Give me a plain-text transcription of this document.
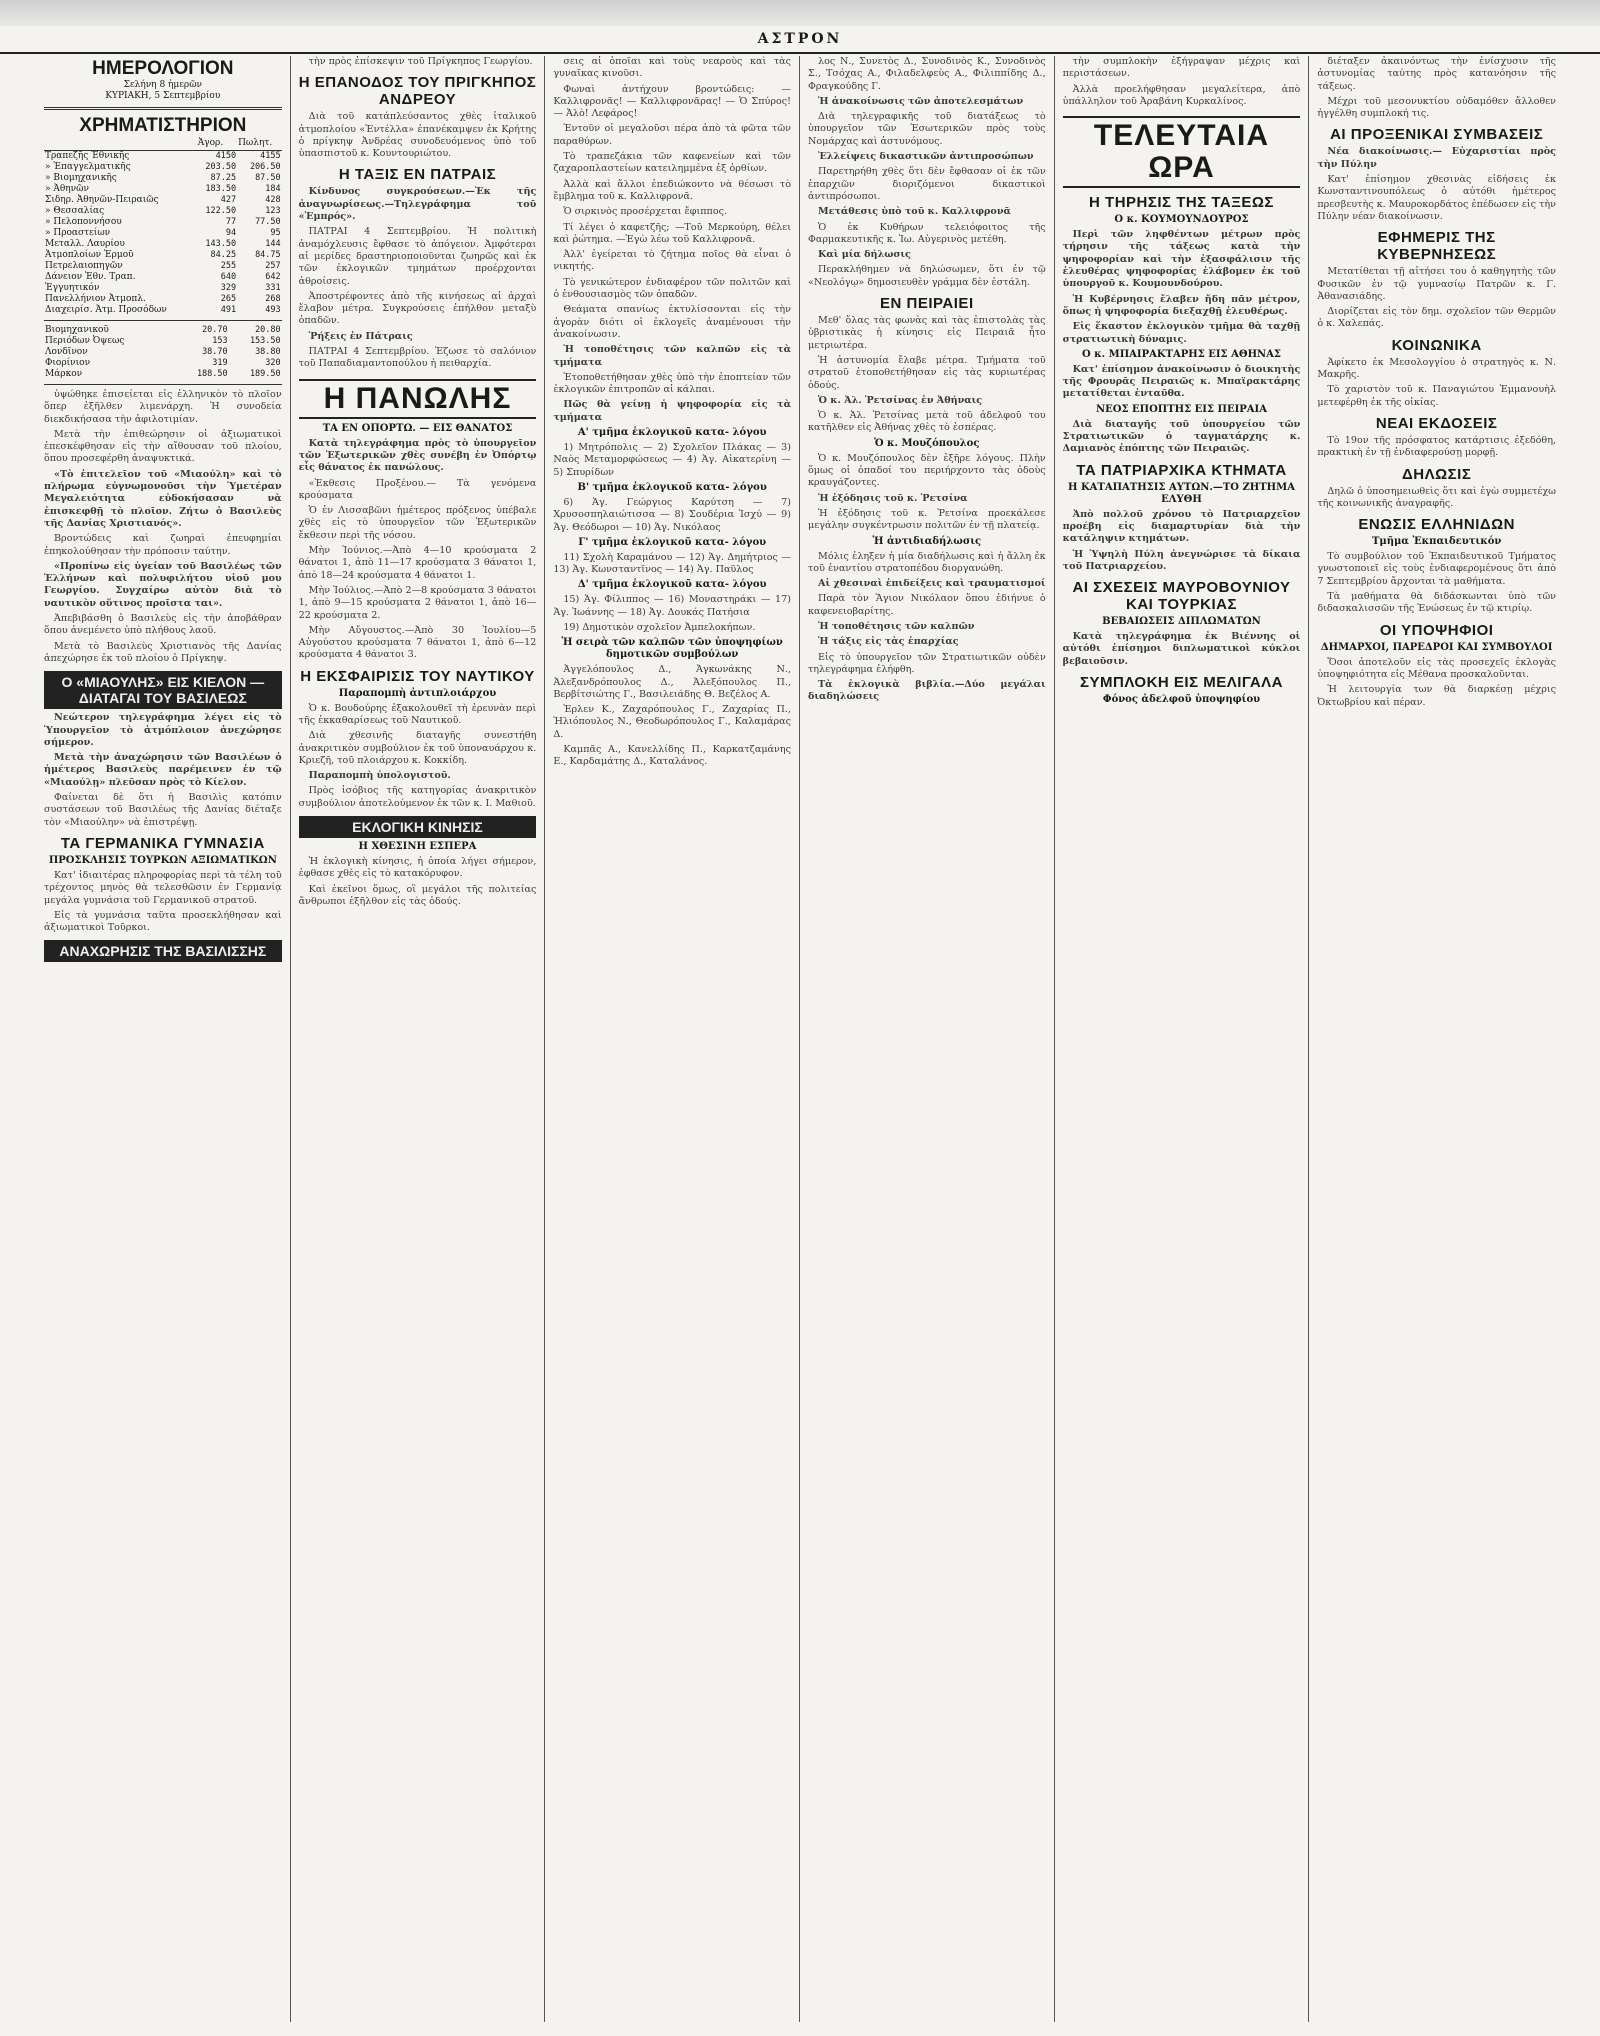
ΑΣΤΡΟΝ
ΗΜΕΡΟΛΟΓΙΟΝ
Σελήνη 8 ἡμερῶν
ΚΥΡΙΑΚΗ, 5 Σεπτεμβρίου
ΧΡΗΜΑΤΙΣΤΗΡΙΟΝ
	Ἀγορ.	Πωλητ.
Τραπεζῆς Ἐθνικῆς	4150	4155
» Ἐπαγγελματικῆς	203.50	206.50
» Βιομηχανικῆς	87.25	87.50
» Ἀθηνῶν	183.50	184
Σιδηρ. Ἀθηνῶν-Πειραιῶς	427	428
» Θεσσαλίας	122.50	123
» Πελοποννήσου	77	77.50
» Προαστείων	94	95
Μεταλλ. Λαυρίου	143.50	144
Ἀτμοπλοίων Ἑρμοῦ	84.25	84.75
Πετρελαιοπηγῶν	255	257
Δάνειον Ἐθν. Τραπ.	640	642
Ἐγγυητικόν	329	331
Πανελλήνιον Ἀτμοπλ.	265	268
Διαχειρίσ. Ἀτμ. Προσόδων	491	493
Βιομηχανικοῦ	20.70	20.80
Περιόδων Ὀψεως	153	153.50
Λονδῖνον	38.70	38.80
Φιορίνιον	319	320
Μάρκον	188.50	189.50

ὑψώθηκε ἐπισείεται εἰς ἑλληνικὸν τὸ πλοῖον ὅπερ ἐξῆλθεν λιμενάρχη. Ἡ συνοδεία διεκδικήσασα τὴν ἀφιλοτιμίαν.

Μετὰ τὴν ἐπιθεώρησιν οἱ ἀξιωματικοὶ ἐπεσκέφθησαν εἰς τὴν αἴθουσαν τοῦ πλοίου, ὅπου προσεφέρθη ἀναψυκτικά.

«Τὸ ἐπιτελεῖον τοῦ «Μιαούλη» καὶ τὸ πλήρωμα εὐγνωμονοῦσι τὴν Ὑμετέραν Μεγαλειότητα εὐδοκήσασαν νὰ ἐπισκεφθῇ τὸ πλοῖον. Ζήτω ὁ Βασιλεὺς τῆς Δανίας Χριστιανός».

Βροντώδεις καὶ ζωηραὶ ἐπευφημίαι ἐπηκολούθησαν τὴν πρόποσιν ταύτην.

«Προπίνω εἰς ὑγείαν τοῦ Βασιλέως τῶν Ἑλλήνων καὶ πολυφιλήτου υἱοῦ μου Γεωργίου. Συγχαίρω αὐτὸν διὰ τὸ ναυτικὸν οὕτινος προῖστα ται».

Ἀπεβιβάσθη ὁ Βασιλεὺς εἰς τὴν ἀποβάθραν ὅπου ἀνεμένετο ὑπὸ πλήθους λαοῦ.

Μετὰ τὸ Βασιλεὺς Χριστιανὸς τῆς Δανίας ἀπεχώρησε ἐκ τοῦ πλοίου ὁ Πρίγκηψ.

Ο «ΜΙΑΟΥΛΗΣ» ΕΙΣ ΚΙΕΛΟΝ — ΔΙΑΤΑΓΑΙ ΤΟΥ ΒΑΣΙΛΕΩΣ

Νεώτερον τηλεγράφημα λέγει εἰς τὸ Ὑπουργεῖον τὸ ἀτμόπλοιον ἀνεχώρησε σήμερον.

Μετὰ τὴν ἀναχώρησιν τῶν Βασιλέων ὁ ἡμέτερος Βασιλεὺς παρέμεινεν ἐν τῷ «Μιαούλῃ» πλεῦσαν πρὸς τὸ Κίελον.

Φαίνεται δὲ ὅτι ἡ Βασιλὶς κατόπιν συστάσεων τοῦ Βασιλέως τῆς Δανίας διέταξε τὸν «Μιαούλην» νὰ ἐπιστρέψῃ.

ΤΑ ΓΕΡΜΑΝΙΚΑ ΓΥΜΝΑΣΙΑ
ΠΡΟΣΚΛΗΣΙΣ ΤΟΥΡΚΩΝ ΑΞΙΩΜΑΤΙΚΩΝ

Κατ' ἰδιαιτέρας πληροφορίας περὶ τὰ τέλη τοῦ τρέχοντος μηνὸς θὰ τελεσθῶσιν ἐν Γερμανίᾳ μεγάλα γυμνάσια τοῦ Γερμανικοῦ στρατοῦ.

Εἰς τὰ γυμνάσια ταῦτα προσεκλήθησαν καὶ ἀξιωματικοὶ Τοῦρκοι.

ΑΝΑΧΩΡΗΣΙΣ ΤΗΣ ΒΑΣΙΛΙΣΣΗΣ

τὴν πρὸς ἐπίσκεψιν τοῦ Πρίγκηπος Γεωργίου.

Η ΕΠΑΝΟΔΟΣ ΤΟΥ ΠΡΙΓΚΗΠΟΣ ΑΝΔΡΕΟΥ

Διὰ τοῦ κατάπλεύσαντος χθὲς ἰταλικοῦ ἀτμοπλοίου «Ἐντέλλα» ἐπανέκαμψεν ἐκ Κρήτης ὁ πρίγκηψ Ἀνδρέας συνοδευόμενος ὑπὸ τοῦ ὑπασπιστοῦ κ. Κουντουριώτου.

Η ΤΑΞΙΣ ΕΝ ΠΑΤΡΑΙΣ

Κίνδυνος συγκρούσεων.—Ἐκ τῆς ἀναγνωρίσεως.—Τηλεγράφημα τοῦ «Ἐμπρός».

ΠΑΤΡΑΙ 4 Σεπτεμβρίου. Ἡ πολιτικὴ ἀναμόχλευσις ἔφθασε τὸ ἀπόγειον. Ἀμφότεραι αἱ μερίδες δραστηριοποιοῦνται ζωηρῶς καὶ ἐκ τῶν ἐκλογικῶν τμημάτων προέρχονται ἀθροίσεις.

Ἀποστρέφοντες ἀπὸ τῆς κινήσεως αἱ ἀρχαὶ ἔλαβον μέτρα. Συγκρούσεις ἐπήλθον μεταξὺ ὀπαδῶν.

Ῥήξεις ἐν Πάτραις

ΠΑΤΡΑΙ 4 Σεπτεμβρίου. Ἐζωσε τὸ σαλόνιον τοῦ Παπαδιαμαντοπούλου ἡ πειθαρχία.

Η ΠΑΝΩΛΗΣ
ΤΑ ΕΝ ΟΠΟΡΤΩ. — ΕΙΣ ΘΑΝΑΤΟΣ

Κατὰ τηλεγράφημα πρὸς τὸ ὑπουργεῖον τῶν Ἐξωτερικῶν χθὲς συνέβη ἐν Ὀπόρτῳ εἷς θάνατος ἐκ πανώλους.

«Ἐκθεσις Προξένου.— Τὰ γενόμενα κρούσματα

Ὁ ἐν Λισσαβῶνι ἡμέτερος πρόξενος ὑπέβαλε χθὲς εἰς τὸ ὑπουργεῖον τῶν Ἐξωτερικῶν ἔκθεσιν περὶ τῆς νόσου.

Μὴν Ἰούνιος.—Ἀπὸ 4—10 κρούσματα 2 θάνατοι 1, ἀπὸ 11—17 κρούσματα 3 θάνατοι 1, ἀπὸ 18—24 κρούσματα 4 θάνατοι 1.

Μὴν Ἰούλιος.—Ἀπὸ 2—8 κρούσματα 3 θάνατοι 1, ἀπὸ 9—15 κρούσματα 2 θάνατοι 1, ἀπὸ 16—22 κρούσματα 2.

Μὴν Αὔγουστος.—Ἀπὸ 30 Ἰουλίου—5 Αὐγούστου κρούσματα 7 θάνατοι 1, ἀπὸ 6—12 κρούσματα 4 θάνατοι 3.

Η ΕΚΣΦΑΙΡΙΣΙΣ ΤΟΥ ΝΑΥΤΙΚΟΥ
Παραπομπὴ ἀντιπλοιάρχου

Ὁ κ. Βουδούρης ἐξακολουθεῖ τὴ ἐρευνὰν περὶ τῆς ἐκκαθαρίσεως τοῦ Ναυτικοῦ.

Διὰ χθεσινῆς διαταγῆς συνεστήθη ἀνακριτικὸν συμβούλιον ἐκ τοῦ ὑποναυάρχου κ. Κριεζῆ, τοῦ πλοιάρχου κ. Κοκκίδη.

Παραπομπὴ ὑπολογιστοῦ.

Πρὸς ἰσόβιος τῆς κατηγορίας ἀνακριτικὸν συμβούλιον ἀποτελούμενον ἐκ τῶν κ. Ι. Μαθιοῦ.

ΕΚΛΟΓΙΚΗ ΚΙΝΗΣΙΣ
Η ΧΘΕΣΙΝΗ ΕΣΠΕΡΑ

Ἡ ἐκλογικὴ κίνησις, ἡ ὁποία λήγει σήμερον, ἐφθασε χθὲς εἰς τὸ κατακόρυφον.

Καὶ ἐκεῖνοι ὅμως, οἳ μεγάλοι τῆς πολιτείας ἄνθρωποι ἐξῆλθον εἰς τὰς ὁδούς.

σεις αἱ ὁποῖαι καὶ τοὺς νεαροὺς καὶ τὰς γυναῖκας κινοῦσι.

Φωναὶ ἀντήχουν βροντώδεις: — Καλλιφρονᾶς! — Καλλιφρονᾶρας! — Ὁ Σπύρος! — Ἀλὸ! Λεφάρος!

Ἐντοῦν οἱ μεγαλοῦσι πέρα ἀπὸ τὰ φῶτα τῶν παραθύρων.

Τὸ τραπεζάκια τῶν καφενείων καὶ τῶν ζαχαροπλαστείων κατειλημμένα ἐξ ὁρθίων.

Ἀλλὰ καὶ ἄλλοι ἐπεδιώκοντο νὰ θέσωσι τὸ ἔμβλημα τοῦ κ. Καλλιφρονᾶ.

Ὁ σιρκινὸς προσέρχεται ἔφιππος.

Τί λέγει ὁ καφετζῆς; —Τοῦ Μερκούρη, θέλει καὶ ῥώτημα. —Ἐγὼ λέω τοῦ Καλλιφρονᾶ.

Ἀλλ' ἐγείρεται τὸ ζήτημα ποῖος θὰ εἶναι ὁ νικητής.

Τὸ γενικώτερον ἐνδιαφέρον τῶν πολιτῶν καὶ ὁ ἐνθουσιασμὸς τῶν ὀπαδῶν.

Θεάματα σπανίως ἐκτυλίσσονται εἰς τὴν ἀγορὰν διότι οἱ ἐκλογεῖς ἀναμένουσι τὴν ἀνακοίνωσιν.

Ἡ τοποθέτησις τῶν καλπῶν εἰς τὰ τμήματα

Ἐτοποθετήθησαν χθὲς ὑπὸ τὴν ἐποπτείαν τῶν ἐκλογικῶν ἐπιτροπῶν αἱ κάλπαι.

Πῶς θὰ γείνῃ ἡ ψηφοφορία εἰς τὰ τμήματα

Α' τμῆμα ἐκλογικοῦ κατα- λόγου

1) Μητρόπολις — 2) Σχολεῖον Πλάκας — 3) Ναὸς Μεταμορφώσεως — 4) Ἁγ. Αἰκατερίνη — 5) Σπυρίδων

Β' τμῆμα ἐκλογικοῦ κατα- λόγου

6) Ἁγ. Γεώργιος Καρύτση — 7) Χρυσοσπηλαιώτισσα — 8) Σουδέρια Ἰσχύ — 9) Ἁγ. Θεόδωροι — 10) Ἁγ. Νικόλαος

Γ' τμῆμα ἐκλογικοῦ κατα- λόγου

11) Σχολὴ Καραμάνου — 12) Ἁγ. Δημήτριος — 13) Ἁγ. Κωνσταντῖνος — 14) Ἁγ. Παῦλος

Δ' τμῆμα ἐκλογικοῦ κατα- λόγου

15) Ἁγ. Φίλιππος — 16) Μοναστηράκι — 17) Ἁγ. Ἰωάννης — 18) Ἁγ. Δουκάς Πατήσια

19) Δημοτικὸν σχολεῖον Ἀμπελοκήπων.

Ἡ σειρὰ τῶν καλπῶν τῶν ὑποψηφίων δημοτικῶν συμβούλων

Ἀγγελόπουλος Δ., Ἀγκωνάκης Ν., Ἀλεξανδρόπουλος Δ., Ἀλεξόπουλος Π., Βερβίτσιώτης Γ., Βασιλειάδης Θ. Βεζέλος Α.

Ἐρλεν Κ., Ζαχαρόπουλος Γ., Ζαχαρίας Π., Ἡλιόπουλος Ν., Θεοδωρόπουλος Γ., Καλαμάρας Δ.

Καμπᾶς Α., Κανελλίδης Π., Καρκατζαμάνης Ε., Καρδαμάτης Δ., Καταλάνος.

λος Ν., Συνετὸς Δ., Συνοδινὸς Κ., Συνοδινὸς Σ., Τσόχας Α., Φιλαδελφεὺς Α., Φιλιππίδης Δ., Φραγκούδης Γ.

Ἡ ἀνακοίνωσις τῶν ἀποτελεσμάτων

Διὰ τηλεγραφικῆς τοῦ διατάξεως τὸ ὑπουργεῖον τῶν Ἐσωτερικῶν πρὸς τοὺς Νομάρχας καὶ ἀστυνόμους.

Ἐλλείψεις δικαστικῶν ἀντιπροσώπων

Παρετηρήθη χθὲς ὅτι δὲν ἔφθασαν οἱ ἐκ τῶν ἐπαρχιῶν διοριζόμενοι δικαστικοὶ ἀντιπρόσωποι.

Μετάθεσις ὑπὸ τοῦ κ. Καλλιφρονᾶ

Ὁ ἐκ Κυθήρων τελειόφοιτος τῆς Φαρμακευτικῆς κ. Ἰω. Αὐγερινὸς μετέθη.

Καὶ μία δήλωσις

Περακλήθημεν νὰ δηλώσωμεν, ὅτι ἐν τῷ «Νεολόγῳ» δημοσιευθὲν γράμμα δὲν ἐστάλη.

ΕΝ ΠΕΙΡΑΙΕΙ

Μεθ' ὅλας τὰς φωνὰς καὶ τὰς ἐπιστολὰς τὰς ὑβριστικὰς ἡ κίνησις εἰς Πειραιᾶ ἦτο μετριωτέρα.

Ἡ ἀστυνομία ἔλαβε μέτρα. Τμήματα τοῦ στρατοῦ ἐτοποθετήθησαν εἰς τὰς κυριωτέρας ὁδούς.

Ὁ κ. Ἀλ. Ῥετσίνας ἐν Ἀθήναις

Ὁ κ. Ἀλ. Ῥετσίνας μετὰ τοῦ ἀδελφοῦ του κατῆλθεν εἰς Ἀθήνας χθὲς τὸ ἑσπέρας.

Ὁ κ. Μουζόπουλος

Ὁ κ. Μουζόπουλος δὲν ἐξῆρε λόγους. Πλὴν ὅμως οἱ ὀπαδοί του περιήρχοντο τὰς ὁδοὺς κραυγάζοντες.

Ἡ ἐξόδησις τοῦ κ. Ῥετσίνα

Ἡ ἐξόδησις τοῦ κ. Ῥετσίνα προεκάλεσε μεγάλην συγκέντρωσιν πολιτῶν ἐν τῇ πλατείᾳ.

Ἡ ἀντιδιαδήλωσις

Μόλις ἐληξεν ἡ μία διαδήλωσις καὶ ἡ ἄλλη ἐκ τοῦ ἐναντίου στρατοπέδου διοργανώθη.

Αἱ χθεσιναὶ ἐπιδείξεις καὶ τραυματισμοί

Παρὰ τὸν Ἅγιον Νικόλαον ὅπου ἐδιήνυε ὁ καφενειοβαρίτης.

Ἡ τοποθέτησις τῶν καλπῶν

Ἡ τάξις εἰς τὰς ἐπαρχίας

Εἰς τὸ ὑπουργεῖον τῶν Στρατιωτικῶν οὐδὲν τηλεγράφημα ἐλήφθη.

Τὰ ἐκλογικὰ βιβλία.—Δύο μεγάλαι διαδηλώσεις

τὴν συμπλοκὴν ἐξήγραψαν μέχρις καὶ περιστάσεων.

Ἀλλὰ προελήφθησαν μεγαλείτερα, ἀπὸ ὑπάλληλον τοῦ Ἀραβάνη Κυρκαλίνος.

ΤΕΛΕΥΤΑΙΑ ΩΡΑ
Η ΤΗΡΗΣΙΣ ΤΗΣ ΤΑΞΕΩΣ
Ο κ. ΚΟΥΜΟΥΝΔΟΥΡΟΣ

Περὶ τῶν ληφθέντων μέτρων πρὸς τήρησιν τῆς τάξεως κατὰ τὴν ψηφοφορίαν καὶ τὴν ἐξασφάλισιν τῆς ἐλευθέρας ψηφοφορίας ἐλάβομεν ἐκ τοῦ ὑπουργοῦ κ. Κουμουνδούρου.

Ἡ Κυβέρνησις ἔλαβεν ἤδη πᾶν μέτρον, ὅπως ἡ ψηφοφορία διεξαχθῇ ἐλευθέρως.

Εἰς ἕκαστον ἐκλογικὸν τμῆμα θὰ ταχθῇ στρατιωτικὴ δύναμις.

Ο κ. ΜΠΑΙΡΑΚΤΑΡΗΣ ΕΙΣ ΑΘΗΝΑΣ

Κατ' ἐπίσημον ἀνακοίνωσιν ὁ διοικητὴς τῆς Φρουρᾶς Πειραιῶς κ. Μπαϊρακτάρης μετατίθεται ἐνταῦθα.

ΝΕΟΣ ΕΠΟΠΤΗΣ ΕΙΣ ΠΕΙΡΑΙΑ

Διὰ διαταγῆς τοῦ ὑπουργείου τῶν Στρατιωτικῶν ὁ ταγματάρχης κ. Δαμιανὸς ἐπόπτης τῶν Πειραιῶς.

ΤΑ ΠΑΤΡΙΑΡΧΙΚΑ ΚΤΗΜΑΤΑ
Η ΚΑΤΑΠΑΤΗΣΙΣ ΑΥΤΩΝ.—ΤΟ ΖΗΤΗΜΑ ΕΛΥΘΗ

Ἀπὸ πολλοῦ χρόνου τὸ Πατριαρχεῖον προέβη εἰς διαμαρτυρίαν διὰ τὴν κατάληψιν κτημάτων.

Ἡ Ὑψηλὴ Πύλη ἀνεγνώρισε τὰ δίκαια τοῦ Πατριαρχείου.

ΑΙ ΣΧΕΣΕΙΣ ΜΑΥΡΟΒΟΥΝΙΟΥ ΚΑΙ ΤΟΥΡΚΙΑΣ
ΒΕΒΑΙΩΣΕΙΣ ΔΙΠΛΩΜΑΤΩΝ

Κατὰ τηλεγράφημα ἐκ Βιέννης οἱ αὐτόθι ἐπίσημοι διπλωματικοὶ κύκλοι βεβαιοῦσιν.

ΣΥΜΠΛΟΚΗ ΕΙΣ ΜΕΛΙΓΑΛΑ
Φόνος ἀδελφοῦ ὑποψηφίου

διέταξεν ἀκαινόντως τὴν ἐνίσχυσιν τῆς ἀστυνομίας ταύτης πρὸς κατανόησιν τῆς τάξεως.

Μέχρι τοῦ μεσονυκτίου οὐδαμόθεν ἄλλοθεν ἠγγέλθη συμπλοκή τις.

ΑΙ ΠΡΟΞΕΝΙΚΑΙ ΣΥΜΒΑΣΕΙΣ

Νέα διακοίνωσις.— Εὐχαριστίαι πρὸς τὴν Πύλην

Κατ' ἐπίσημον χθεσινὰς εἰδήσεις ἐκ Κωνσταντινουπόλεως ὁ αὐτόθι ἡμέτερος πρεσβευτὴς κ. Μαυροκορδάτος ἐπέδωσεν εἰς τὴν Πύλην νέαν διακοίνωσιν.

ΕΦΗΜΕΡΙΣ ΤΗΣ ΚΥΒΕΡΝΗΣΕΩΣ

Μετατίθεται τῇ αἰτήσει του ὁ καθηγητὴς τῶν Φυσικῶν ἐν τῷ γυμνασίῳ Πατρῶν κ. Γ. Ἀθανασιάδης.

Διορίζεται εἰς τὸν δημ. σχολεῖον τῶν Θερμῶν ὁ κ. Χαλεπάς.

ΚΟΙΝΩΝΙΚΑ

Ἀφίκετο ἐκ Μεσολογγίου ὁ στρατηγὸς κ. Ν. Μακρῆς.

Τὸ χαριστὸν τοῦ κ. Παναγιώτου Ἐμμανουὴλ μετεφέρθη ἐκ τῆς οἰκίας.

ΝΕΑΙ ΕΚΔΟΣΕΙΣ

Τὸ 19ον τῆς πρόσφατος κατάρτισις ἐξεδόθη, πρακτικὴ ἐν τῇ ἐνδιαφερούσῃ μορφῇ.

ΔΗΛΩΣΙΣ

Δηλῶ ὁ ὑποσημειωθεὶς ὅτι καὶ ἐγὼ συμμετέχω τῆς κοινωνικῆς ἀναγραφῆς.

ΕΝΩΣΙΣ ΕΛΛΗΝΙΔΩΝ
Τμῆμα Ἐκπαιδευτικόν

Τὸ συμβούλιον τοῦ Ἐκπαιδευτικοῦ Τμήματος γνωστοποιεῖ εἰς τοὺς ἐνδιαφερομένους ὅτι ἀπὸ 7 Σεπτεμβρίου ἄρχονται τὰ μαθήματα.

Τὰ μαθήματα θὰ διδάσκωνται ὑπὸ τῶν διδασκαλισσῶν τῆς Ἑνώσεως ἐν τῷ κτιρίῳ.

ΟΙ ΥΠΟΨΗΦΙΟΙ
ΔΗΜΑΡΧΟΙ, ΠΑΡΕΔΡΟΙ ΚΑΙ ΣΥΜΒΟΥΛΟΙ

Ὅσοι ἀποτελοῦν εἰς τὰς προσεχεῖς ἐκλογὰς ὑποψηφιότητα εἰς Μέθανα προσκαλοῦνται.

Ἡ λειτουργία των θὰ διαρκέσῃ μέχρις Ὀκτωβρίου καὶ πέραν.
